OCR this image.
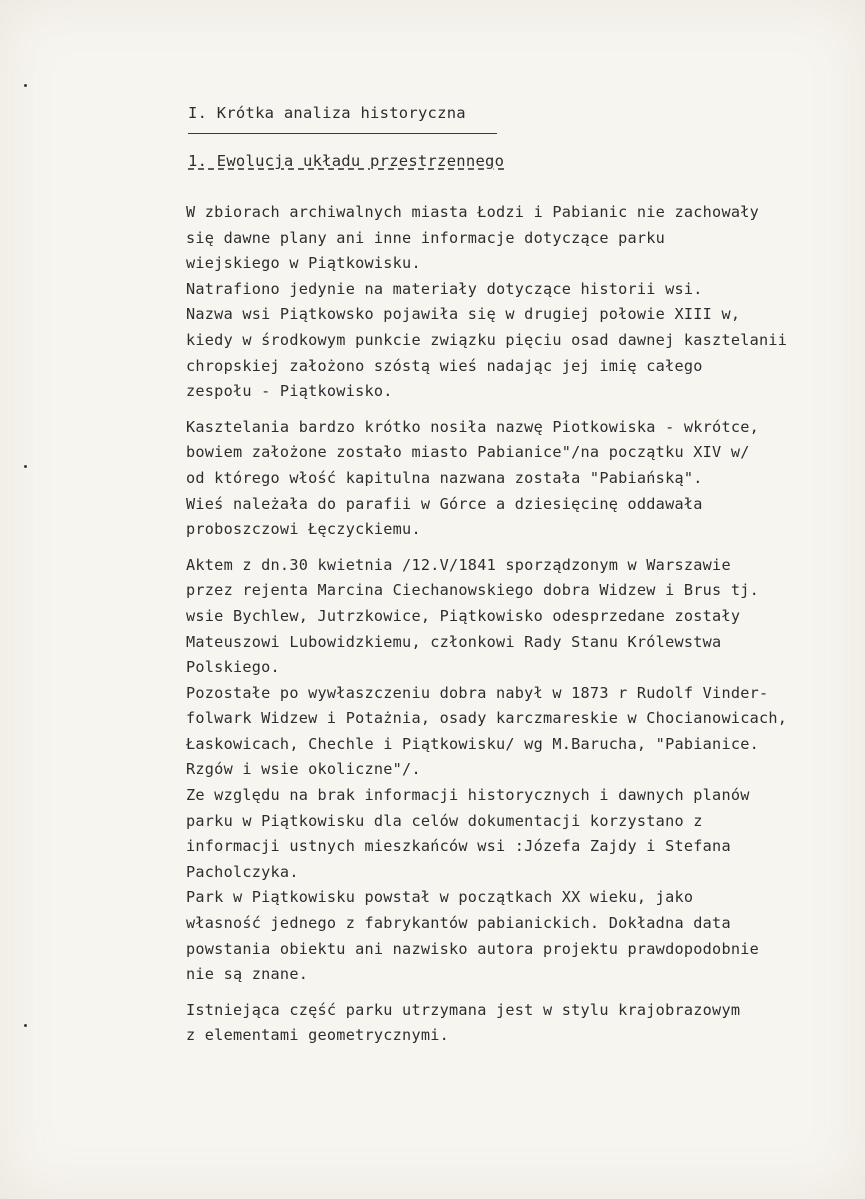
I. Krótka analiza historyczna
1. Ewolucja układu przestrzennego
W zbiorach archiwalnych miasta Łodzi i Pabianic nie zachowały
się dawne plany ani inne informacje dotyczące parku
wiejskiego w Piątkowisku.
Natrafiono jedynie na materiały dotyczące historii wsi.
Nazwa wsi Piątkowsko pojawiła się w drugiej połowie XIII w,
kiedy w środkowym punkcie związku pięciu osad dawnej kasztelanii
chropskiej założono szóstą wieś nadając jej imię całego
zespołu - Piątkowisko.
Kasztelania bardzo krótko nosiła nazwę Piotkowiska - wkrótce,
bowiem założone zostało miasto Pabianice"/na początku XIV w/
od którego włość kapitulna nazwana została "Pabiańską".
Wieś należała do parafii w Górce a dziesięcinę oddawała
proboszczowi Łęczyckiemu.
Aktem z dn.30 kwietnia /12.V/1841 sporządzonym w Warszawie
przez rejenta Marcina Ciechanowskiego dobra Widzew i Brus tj.
wsie Bychlew, Jutrzkowice, Piątkowisko odesprzedane zostały
Mateuszowi Lubowidzkiemu, członkowi Rady Stanu Królewstwa
Polskiego.
Pozostałe po wywłaszczeniu dobra nabył w 1873 r Rudolf Vinder-
folwark Widzew i Potażnia, osady karczmareskie w Chocianowicach,
Łaskowicach, Chechle i Piątkowisku/ wg M.Barucha, "Pabianice.
Rzgów i wsie okoliczne"/.
Ze względu na brak informacji historycznych i dawnych planów
parku w Piątkowisku dla celów dokumentacji korzystano z
informacji ustnych mieszkańców wsi :Józefa Zajdy i Stefana
Pacholczyka.
Park w Piątkowisku powstał w początkach XX wieku, jako
własność jednego z fabrykantów pabianickich. Dokładna data
powstania obiektu ani nazwisko autora projektu prawdopodobnie
nie są znane.
Istniejąca część parku utrzymana jest w stylu krajobrazowym
z elementami geometrycznymi.
